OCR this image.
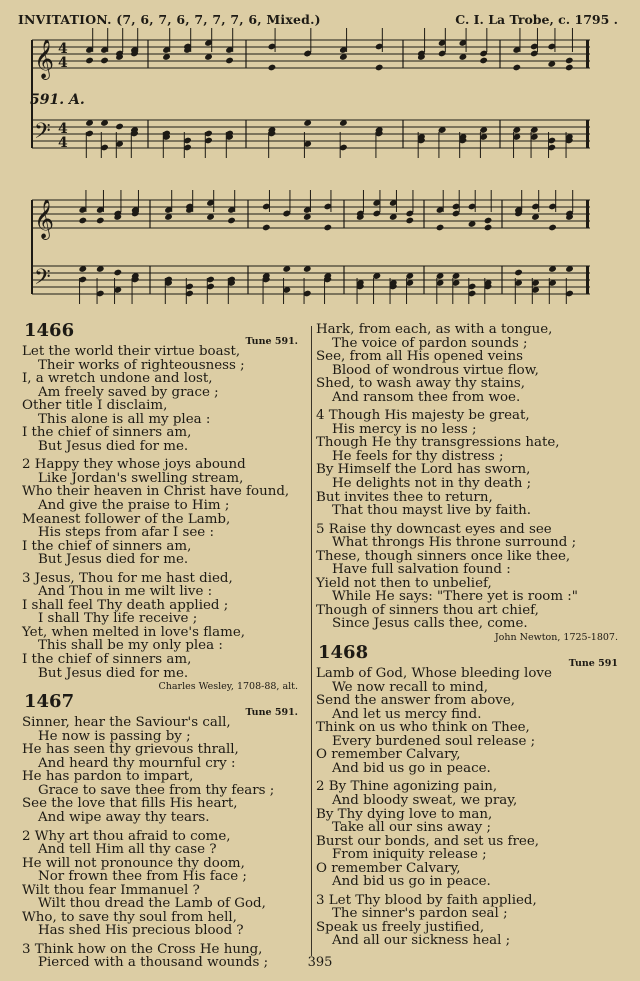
INVITATION. (7, 6, 7, 6, 7, 7, 7, 6, Mixed.)	C. I. La Trobe, c. 1795 .
𝄞
𝄢
4
4
4
4
591. A.
𝄞
𝄢
1466
Tune 591.
Let the world their virtue boast,
Their works of righteousness ;
I, a wretch undone and lost,
Am freely saved by grace ;
Other title I disclaim,
This alone is all my plea :
I the chief of sinners am,
But Jesus died for me.
2 Happy they whose joys abound
Like Jordan's swelling stream,
Who their heaven in Christ have found,
And give the praise to Him ;
Meanest follower of the Lamb,
His steps from afar I see :
I the chief of sinners am,
But Jesus died for me.
3 Jesus, Thou for me hast died,
And Thou in me wilt live :
I shall feel Thy death applied ;
I shall Thy life receive ;
Yet, when melted in love's flame,
This shall be my only plea :
I the chief of sinners am,
But Jesus died for me.
Charles Wesley, 1708-88, alt.
1467
Tune 591.
Sinner, hear the Saviour's call,
He now is passing by ;
He has seen thy grievous thrall,
And heard thy mournful cry :
He has pardon to impart,
Grace to save thee from thy fears ;
See the love that fills His heart,
And wipe away thy tears.
2 Why art thou afraid to come,
And tell Him all thy case ?
He will not pronounce thy doom,
Nor frown thee from His face ;
Wilt thou fear Immanuel ?
Wilt thou dread the Lamb of God,
Who, to save thy soul from hell,
Has shed His precious blood ?
3 Think how on the Cross He hung,
Pierced with a thousand wounds ;
Hark, from each, as with a tongue,
The voice of pardon sounds ;
See, from all His opened veins
Blood of wondrous virtue flow,
Shed, to wash away thy stains,
And ransom thee from woe.
4 Though His majesty be great,
His mercy is no less ;
Though He thy transgressions hate,
He feels for thy distress ;
By Himself the Lord has sworn,
He delights not in thy death ;
But invites thee to return,
That thou mayst live by faith.
5 Raise thy downcast eyes and see
What throngs His throne surround ;
These, though sinners once like thee,
Have full salvation found :
Yield not then to unbelief,
While He says: "There yet is room :"
Though of sinners thou art chief,
Since Jesus calls thee, come.
John Newton, 1725-1807.
1468
Tune 591
Lamb of God, Whose bleeding love
We now recall to mind,
Send the answer from above,
And let us mercy find.
Think on us who think on Thee,
Every burdened soul release ;
O remember Calvary,
And bid us go in peace.
2 By Thine agonizing pain,
And bloody sweat, we pray,
By Thy dying love to man,
Take all our sins away ;
Burst our bonds, and set us free,
From iniquity release ;
O remember Calvary,
And bid us go in peace.
3 Let Thy blood by faith applied,
The sinner's pardon seal ;
Speak us freely justified,
And all our sickness heal ;
395
